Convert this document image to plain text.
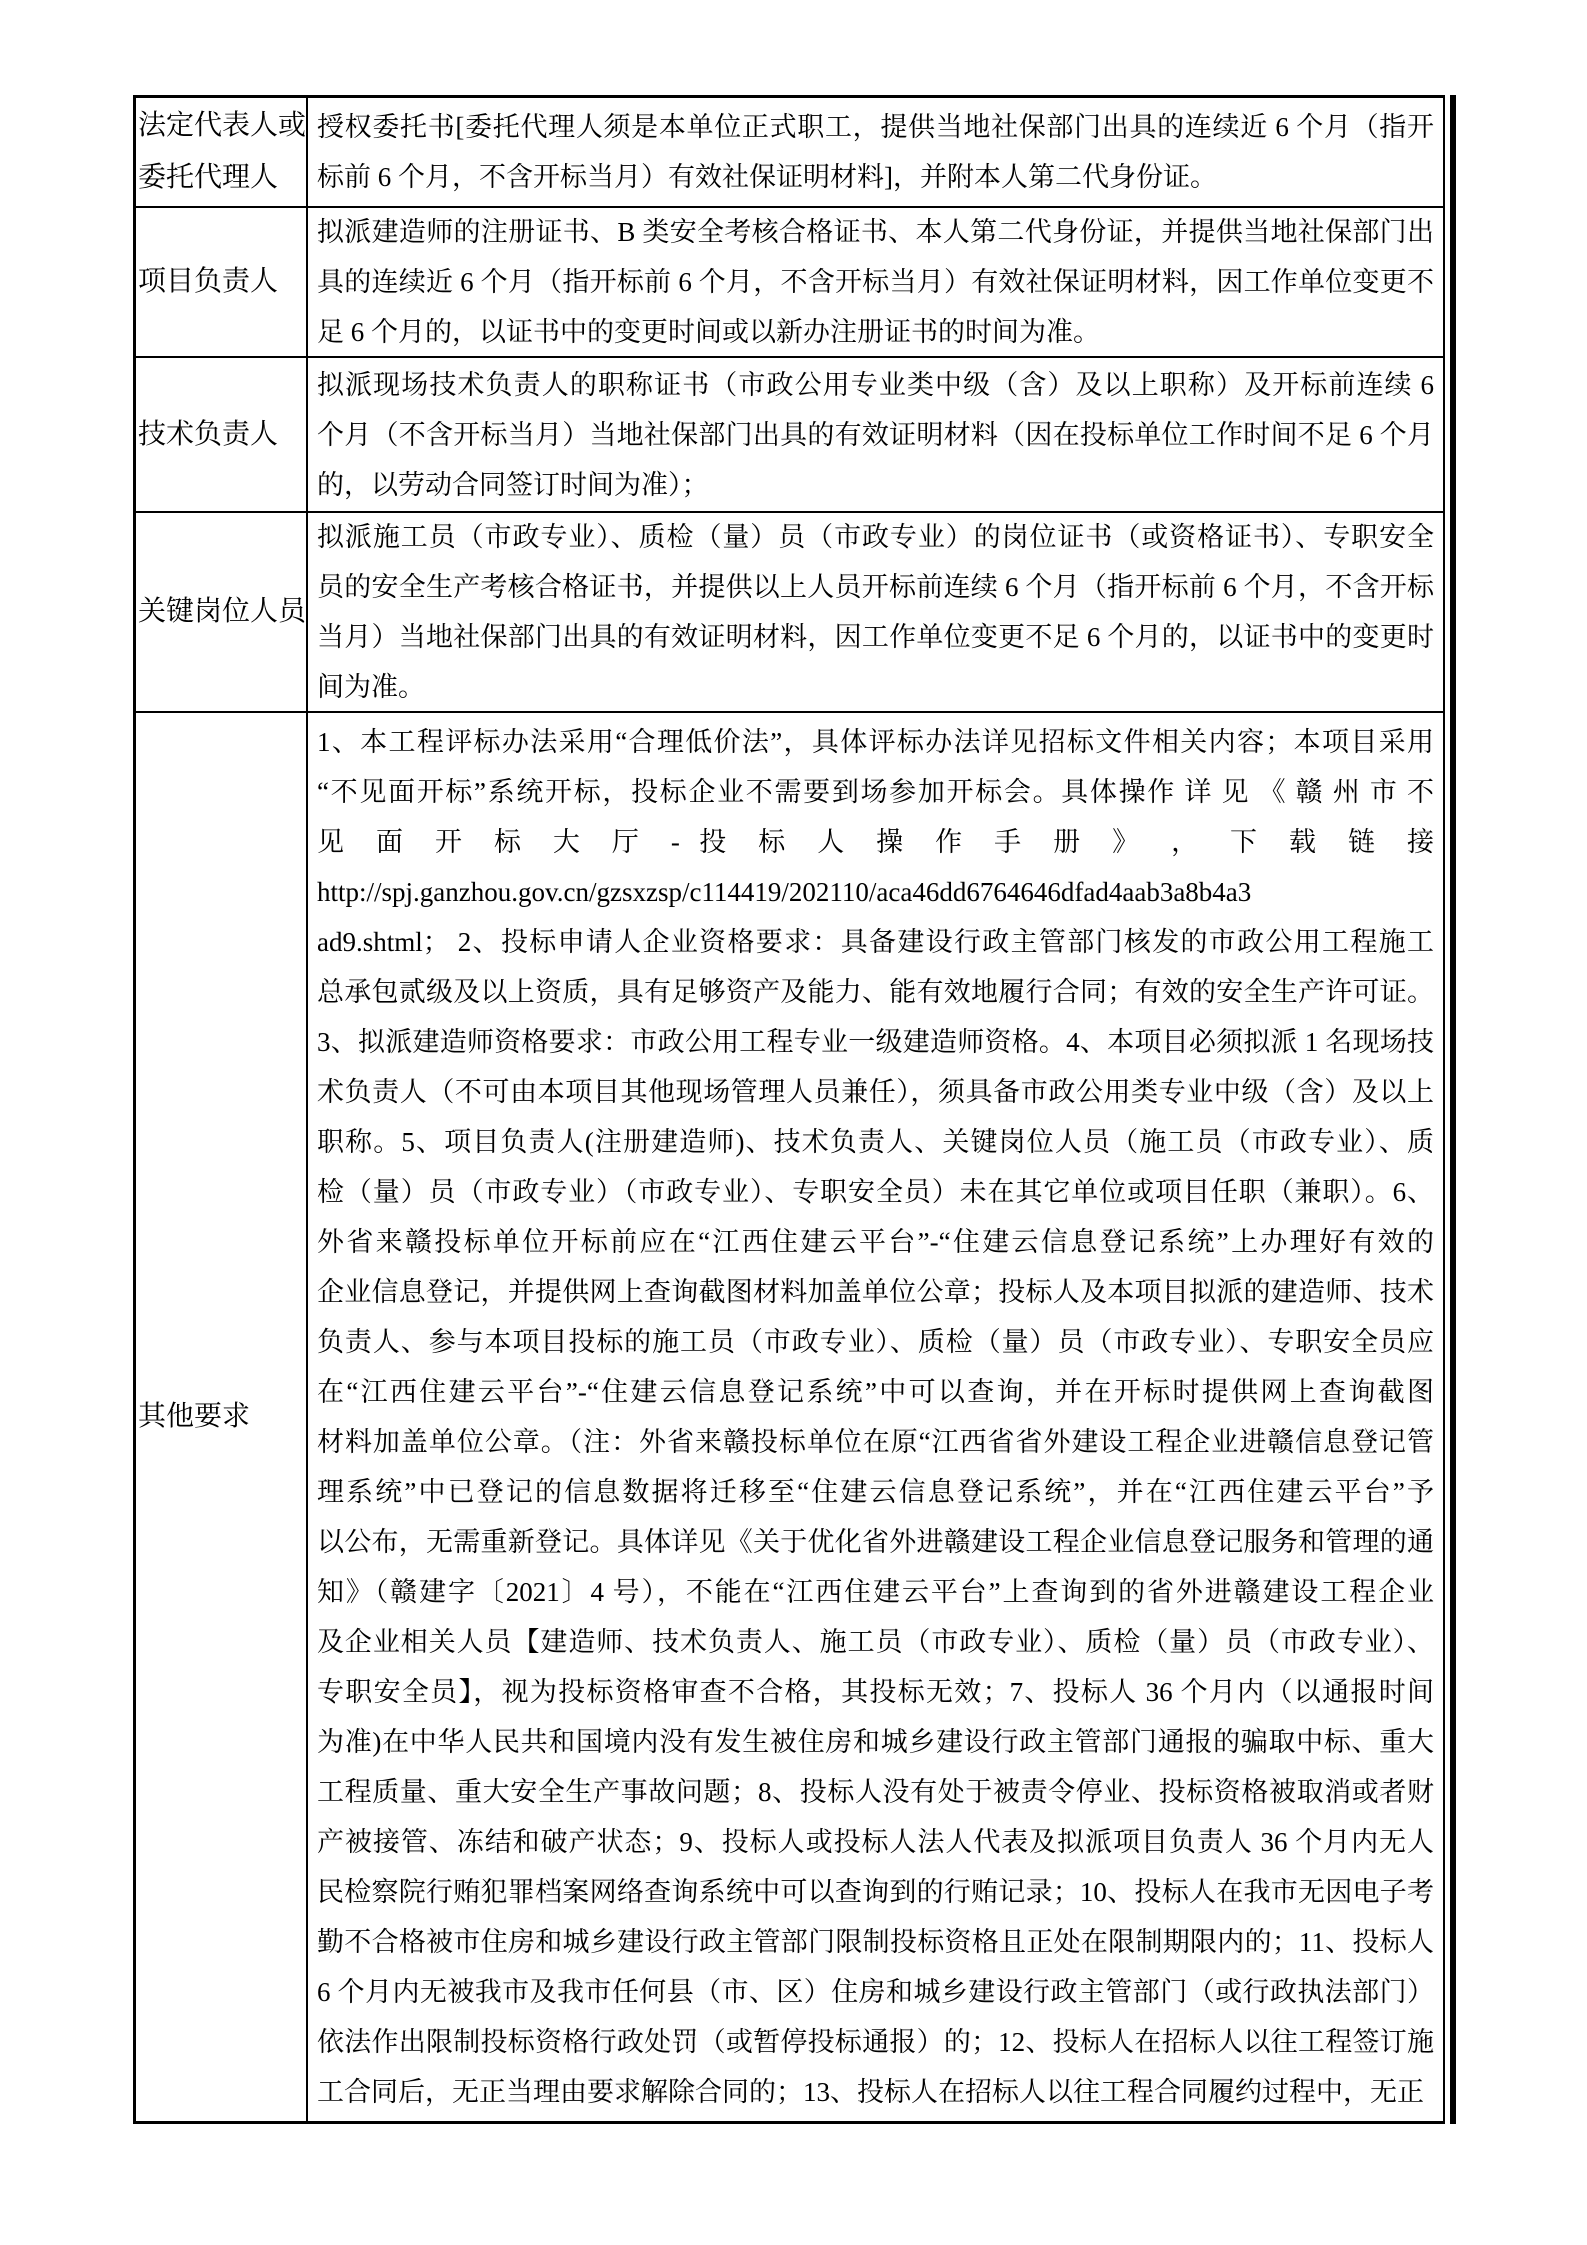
法定代表人或
委托代理人
授权委托书[委托代理人须是本单位正式职工，提供当地社保部门出具的连续近 6 个月（指开
标前 6 个月，不含开标当月）有效社保证明材料]，并附本人第二代身份证。
项目负责人
拟派建造师的注册证书、B 类安全考核合格证书、本人第二代身份证，并提供当地社保部门出
具的连续近 6 个月（指开标前 6 个月，不含开标当月）有效社保证明材料，因工作单位变更不
足 6 个月的，以证书中的变更时间或以新办注册证书的时间为准。
技术负责人
拟派现场技术负责人的职称证书（市政公用专业类中级（含）及以上职称）及开标前连续 6
个月（不含开标当月）当地社保部门出具的有效证明材料（因在投标单位工作时间不足 6 个月
的，以劳动合同签订时间为准）；
关键岗位人员
拟派施工员（市政专业）、质检（量）员（市政专业）的岗位证书（或资格证书）、专职安全
员的安全生产考核合格证书，并提供以上人员开标前连续 6 个月（指开标前 6 个月，不含开标
当月）当地社保部门出具的有效证明材料，因工作单位变更不足 6 个月的，以证书中的变更时
间为准。
其他要求
1、本工程评标办法采用“合理低价法”，具体评标办法详见招标文件相关内容；本项目采用
“不见面开标”系统开标，投标企业不需要到场参加开标会。具体操作 详 见 《 赣 州 市 不
见 面 开 标 大 厅 - 投 标 人 操 作 手 册 》 ， 下 载 链 接
http://spj.ganzhou.gov.cn/gzsxzsp/c114419/202110/aca46dd6764646dfad4aab3a8b4a3
ad9.shtml； 2、投标申请人企业资格要求：具备建设行政主管部门核发的市政公用工程施工
总承包贰级及以上资质，具有足够资产及能力、能有效地履行合同；有效的安全生产许可证。
3、拟派建造师资格要求：市政公用工程专业一级建造师资格。4、本项目必须拟派 1 名现场技
术负责人（不可由本项目其他现场管理人员兼任），须具备市政公用类专业中级（含）及以上
职称。5、项目负责人(注册建造师)、技术负责人、关键岗位人员（施工员（市政专业）、质
检（量）员（市政专业）（市政专业）、专职安全员）未在其它单位或项目任职（兼职）。6、
外省来赣投标单位开标前应在“江西住建云平台”-“住建云信息登记系统”上办理好有效的
企业信息登记，并提供网上查询截图材料加盖单位公章；投标人及本项目拟派的建造师、技术
负责人、参与本项目投标的施工员（市政专业）、质检（量）员（市政专业）、专职安全员应
在“江西住建云平台”-“住建云信息登记系统”中可以查询，并在开标时提供网上查询截图
材料加盖单位公章。（注：外省来赣投标单位在原“江西省省外建设工程企业进赣信息登记管
理系统”中已登记的信息数据将迁移至“住建云信息登记系统”，并在“江西住建云平台”予
以公布，无需重新登记。具体详见《关于优化省外进赣建设工程企业信息登记服务和管理的通
知》（赣建字〔2021〕4 号），不能在“江西住建云平台”上查询到的省外进赣建设工程企业
及企业相关人员【建造师、技术负责人、施工员（市政专业）、质检（量）员（市政专业）、
专职安全员】，视为投标资格审查不合格，其投标无效；7、投标人 36 个月内（以通报时间
为准)在中华人民共和国境内没有发生被住房和城乡建设行政主管部门通报的骗取中标、重大
工程质量、重大安全生产事故问题；8、投标人没有处于被责令停业、投标资格被取消或者财
产被接管、冻结和破产状态；9、投标人或投标人法人代表及拟派项目负责人 36 个月内无人
民检察院行贿犯罪档案网络查询系统中可以查询到的行贿记录；10、投标人在我市无因电子考
勤不合格被市住房和城乡建设行政主管部门限制投标资格且正处在限制期限内的；11、投标人
6 个月内无被我市及我市任何县（市、区）住房和城乡建设行政主管部门（或行政执法部门）
依法作出限制投标资格行政处罚（或暂停投标通报）的；12、投标人在招标人以往工程签订施
工合同后，无正当理由要求解除合同的；13、投标人在招标人以往工程合同履约过程中，无正
